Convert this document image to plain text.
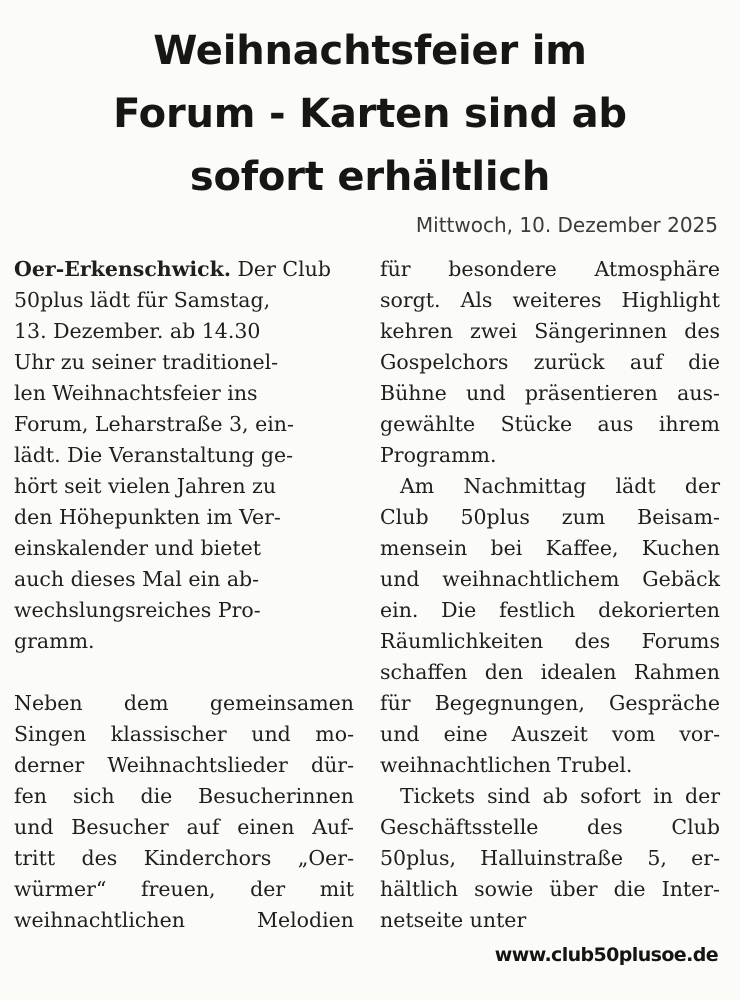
Weihnachtsfeier im
Forum - Karten sind ab
sofort erhältlich
Mittwoch, 10. Dezember 2025
Oer-Erkenschwick. Der Club
50plus lädt für Samstag,
13. Dezember. ab 14.30
Uhr zu seiner traditionel-
len Weihnachtsfeier ins
Forum, Leharstraße 3, ein-
lädt. Die Veranstaltung ge-
hört seit vielen Jahren zu
den Höhepunkten im Ver-
einskalender und bietet
auch dieses Mal ein ab-
wechslungsreiches Pro-
gramm.
Neben dem gemeinsamen
Singen klassischer und mo-
derner Weihnachtslieder dür-
fen sich die Besucherinnen
und Besucher auf einen Auf-
tritt des Kinderchors „Oer-
würmer“ freuen, der mit
weihnachtlichen Melodien
für besondere Atmosphäre
sorgt. Als weiteres Highlight
kehren zwei Sängerinnen des
Gospelchors zurück auf die
Bühne und präsentieren aus-
gewählte Stücke aus ihrem
Programm.
Am Nachmittag lädt der
Club 50plus zum Beisam-
mensein bei Kaffee, Kuchen
und weihnachtlichem Gebäck
ein. Die festlich dekorierten
Räumlichkeiten des Forums
schaffen den idealen Rahmen
für Begegnungen, Gespräche
und eine Auszeit vom vor-
weihnachtlichen Trubel.
Tickets sind ab sofort in der
Geschäftsstelle des Club
50plus, Halluinstraße 5, er-
hältlich sowie über die Inter-
netseite unter
www.club50plusoe.de
